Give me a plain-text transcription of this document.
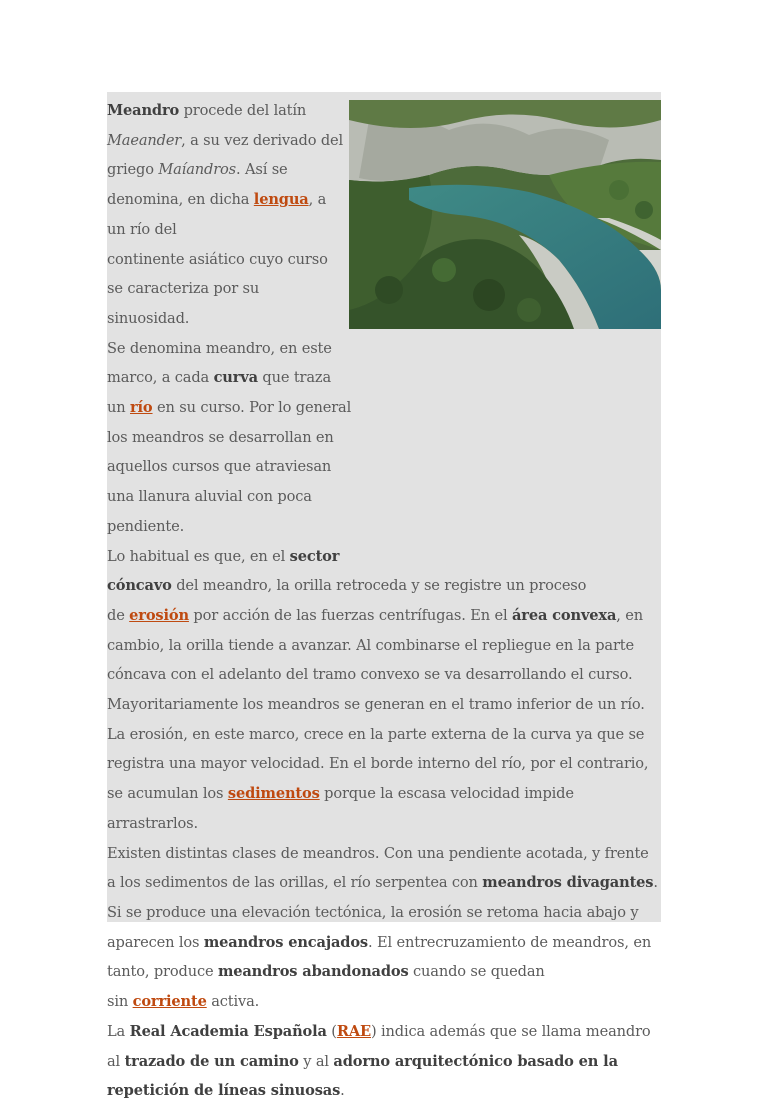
Meandro procede del latín Maeander, a su vez derivado del
griego Maíandros. Así se denomina, en dicha lengua, a un río del
continente asiático cuyo curso se caracteriza por su sinuosidad.

Se denomina meandro, en este
marco, a cada curva que traza
un río en su curso. Por lo general
los meandros se desarrollan en
aquellos cursos que atraviesan
una llanura aluvial con poca
pendiente.

Lo habitual es que, en el sector
cóncavo del meandro, la orilla retroceda y se registre un proceso
de erosión por acción de las fuerzas centrífugas. En el área convexa, en cambio, la orilla tiende a avanzar. Al combinarse el repliegue en la parte cóncava con el adelanto del tramo convexo se va desarrollando el curso.

Mayoritariamente los meandros se generan en el tramo inferior de un río. La erosión, en este marco, crece en la parte externa de la curva ya que se registra una mayor velocidad. En el borde interno del río, por el contrario, se acumulan los sedimentos porque la escasa velocidad impide arrastrarlos.

Existen distintas clases de meandros. Con una pendiente acotada, y frente a los sedimentos de las orillas, el río serpentea con meandros divagantes. Si se produce una elevación tectónica, la erosión se retoma hacia abajo y aparecen los meandros encajados. El entrecruzamiento de meandros, en tanto, produce meandros abandonados cuando se quedan
sin corriente activa.

La Real Academia Española (RAE) indica además que se llama meandro al trazado de un camino y al adorno arquitectónico basado en la repetición de líneas sinuosas.
